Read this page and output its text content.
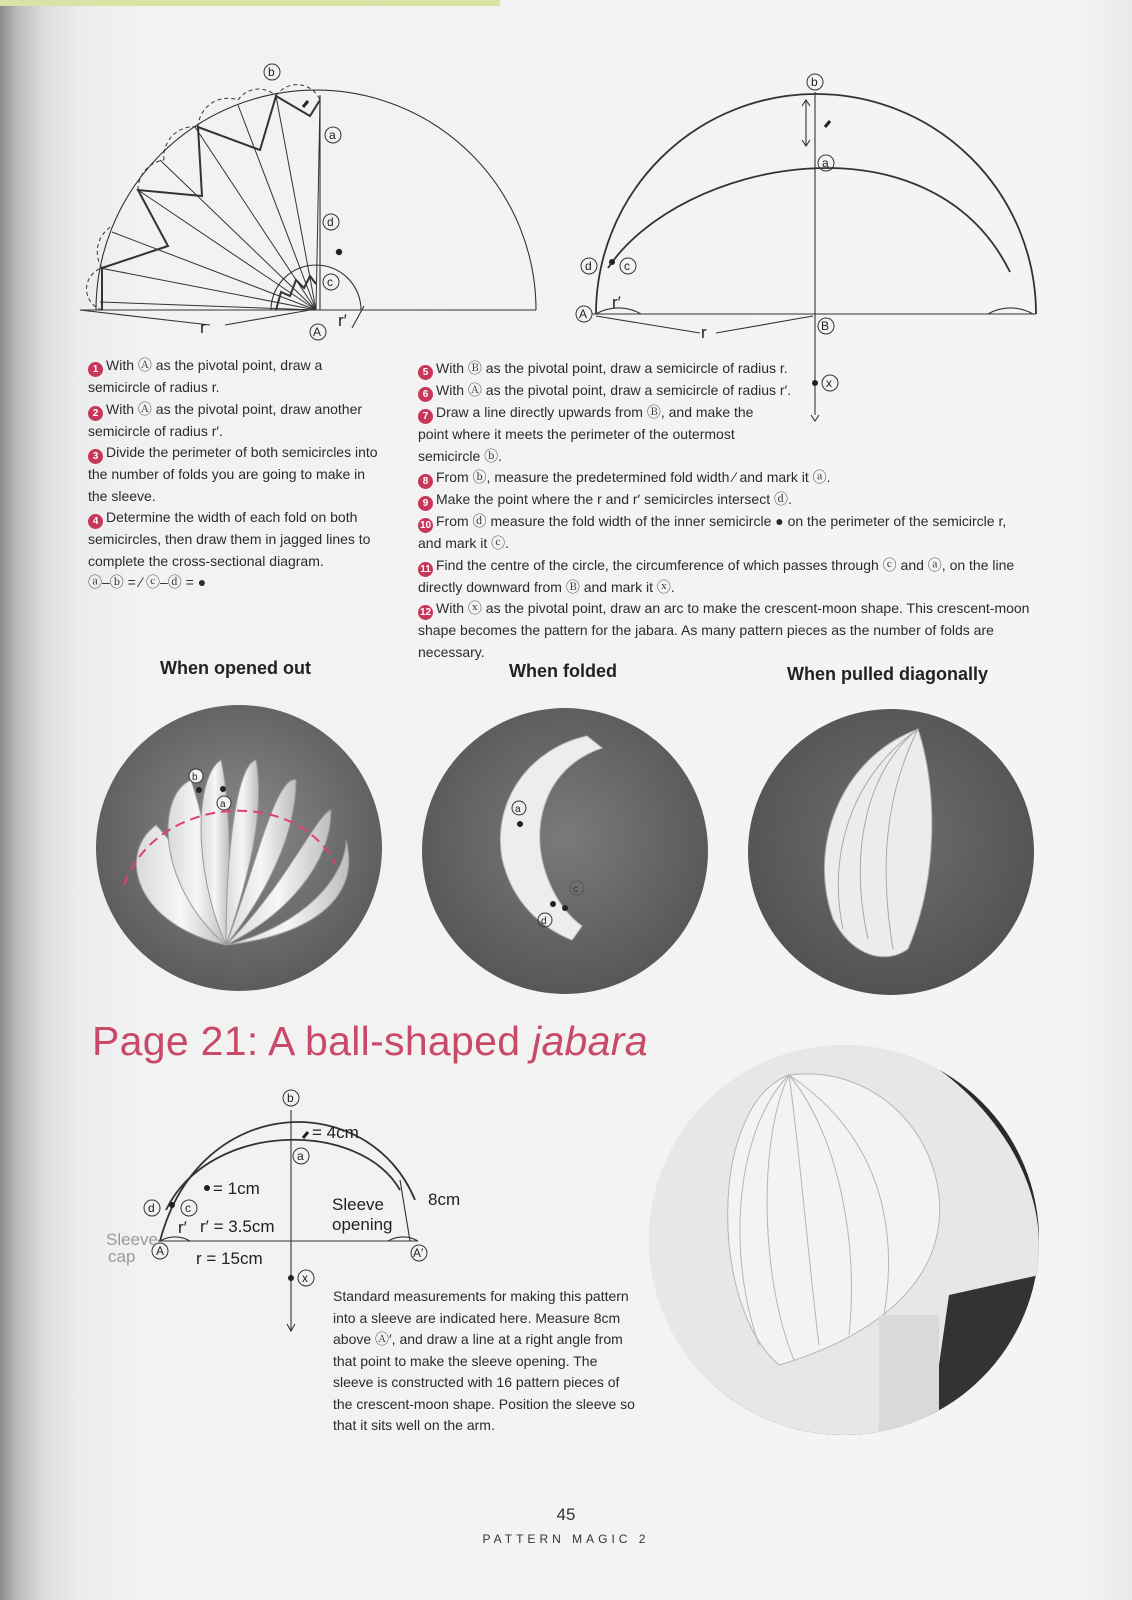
r	r′
b
a
d
c
A
b
a
d	c
A
B
x
r
r′

1 With Ⓐ as the pivotal point, draw a semicircle of radius r.

2 With Ⓐ as the pivotal point, draw another semicircle of radius r′.

3 Divide the perimeter of both semicircles into the number of folds you are going to make in the sleeve.

4 Determine the width of each fold on both semicircles, then draw them in jagged lines to complete the cross-sectional diagram.

ⓐ–ⓑ = ∕ ⓒ–ⓓ = ●

5 With Ⓑ as the pivotal point, draw a semicircle of radius r.

6 With Ⓐ as the pivotal point, draw a semicircle of radius r′.

7 Draw a line directly upwards from Ⓑ, and make the point where it meets the perimeter of the outermost semicircle ⓑ.

8 From ⓑ, measure the predetermined fold width ∕ and mark it ⓐ.

9 Make the point where the r and r′ semicircles intersect ⓓ.

10 From ⓓ measure the fold width of the inner semicircle ● on the perimeter of the semicircle r, and mark it ⓒ.

11 Find the centre of the circle, the circumference of which passes through ⓒ and ⓐ, on the line directly downward from Ⓑ and mark it ⓧ.

12 With ⓧ as the pivotal point, draw an arc to make the crescent-moon shape. This crescent-moon shape becomes the pattern for the jabara. As many pattern pieces as the number of folds are necessary.

When opened out	When folded	When pulled diagonally
b
a	a
c
d
Page 21: A ball-shaped jabara
b
a
d	c
A	A′
x
= 4cm
= 1cm
r′ = 3.5cm
r = 15cm
r′
8cm
Sleeve
opening
Sleeve
cap
Standard measurements for making this pattern into a sleeve are indicated here. Measure 8cm above Ⓐ′, and draw a line at a right angle from that point to make the sleeve opening. The sleeve is constructed with 16 pattern pieces of the crescent-moon shape. Position the sleeve so that it sits well on the arm.
45
PATTERN MAGIC 2
